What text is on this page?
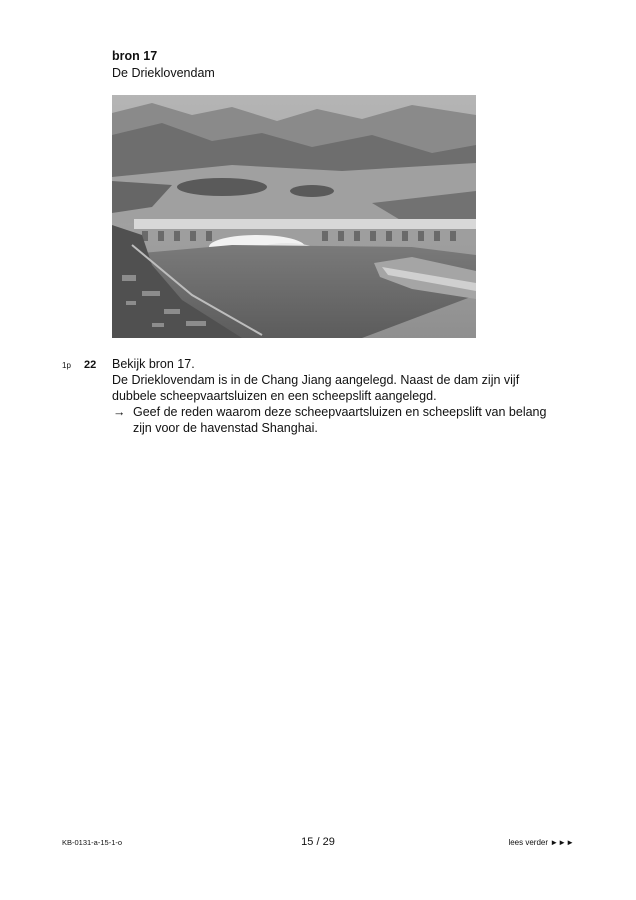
bron 17
De Drieklovendam
1p 22 Bekijk bron 17.

De Drieklovendam is in de Chang Jiang aangelegd. Naast de dam zijn vijf dubbele scheepvaartsluizen en een scheepslift aangelegd.

→ Geef de reden waarom deze scheepvaartsluizen en scheepslift van belang zijn voor de havenstad Shanghai.

KB-0131-a-15-1-o	15 / 29	lees verder ►►►
